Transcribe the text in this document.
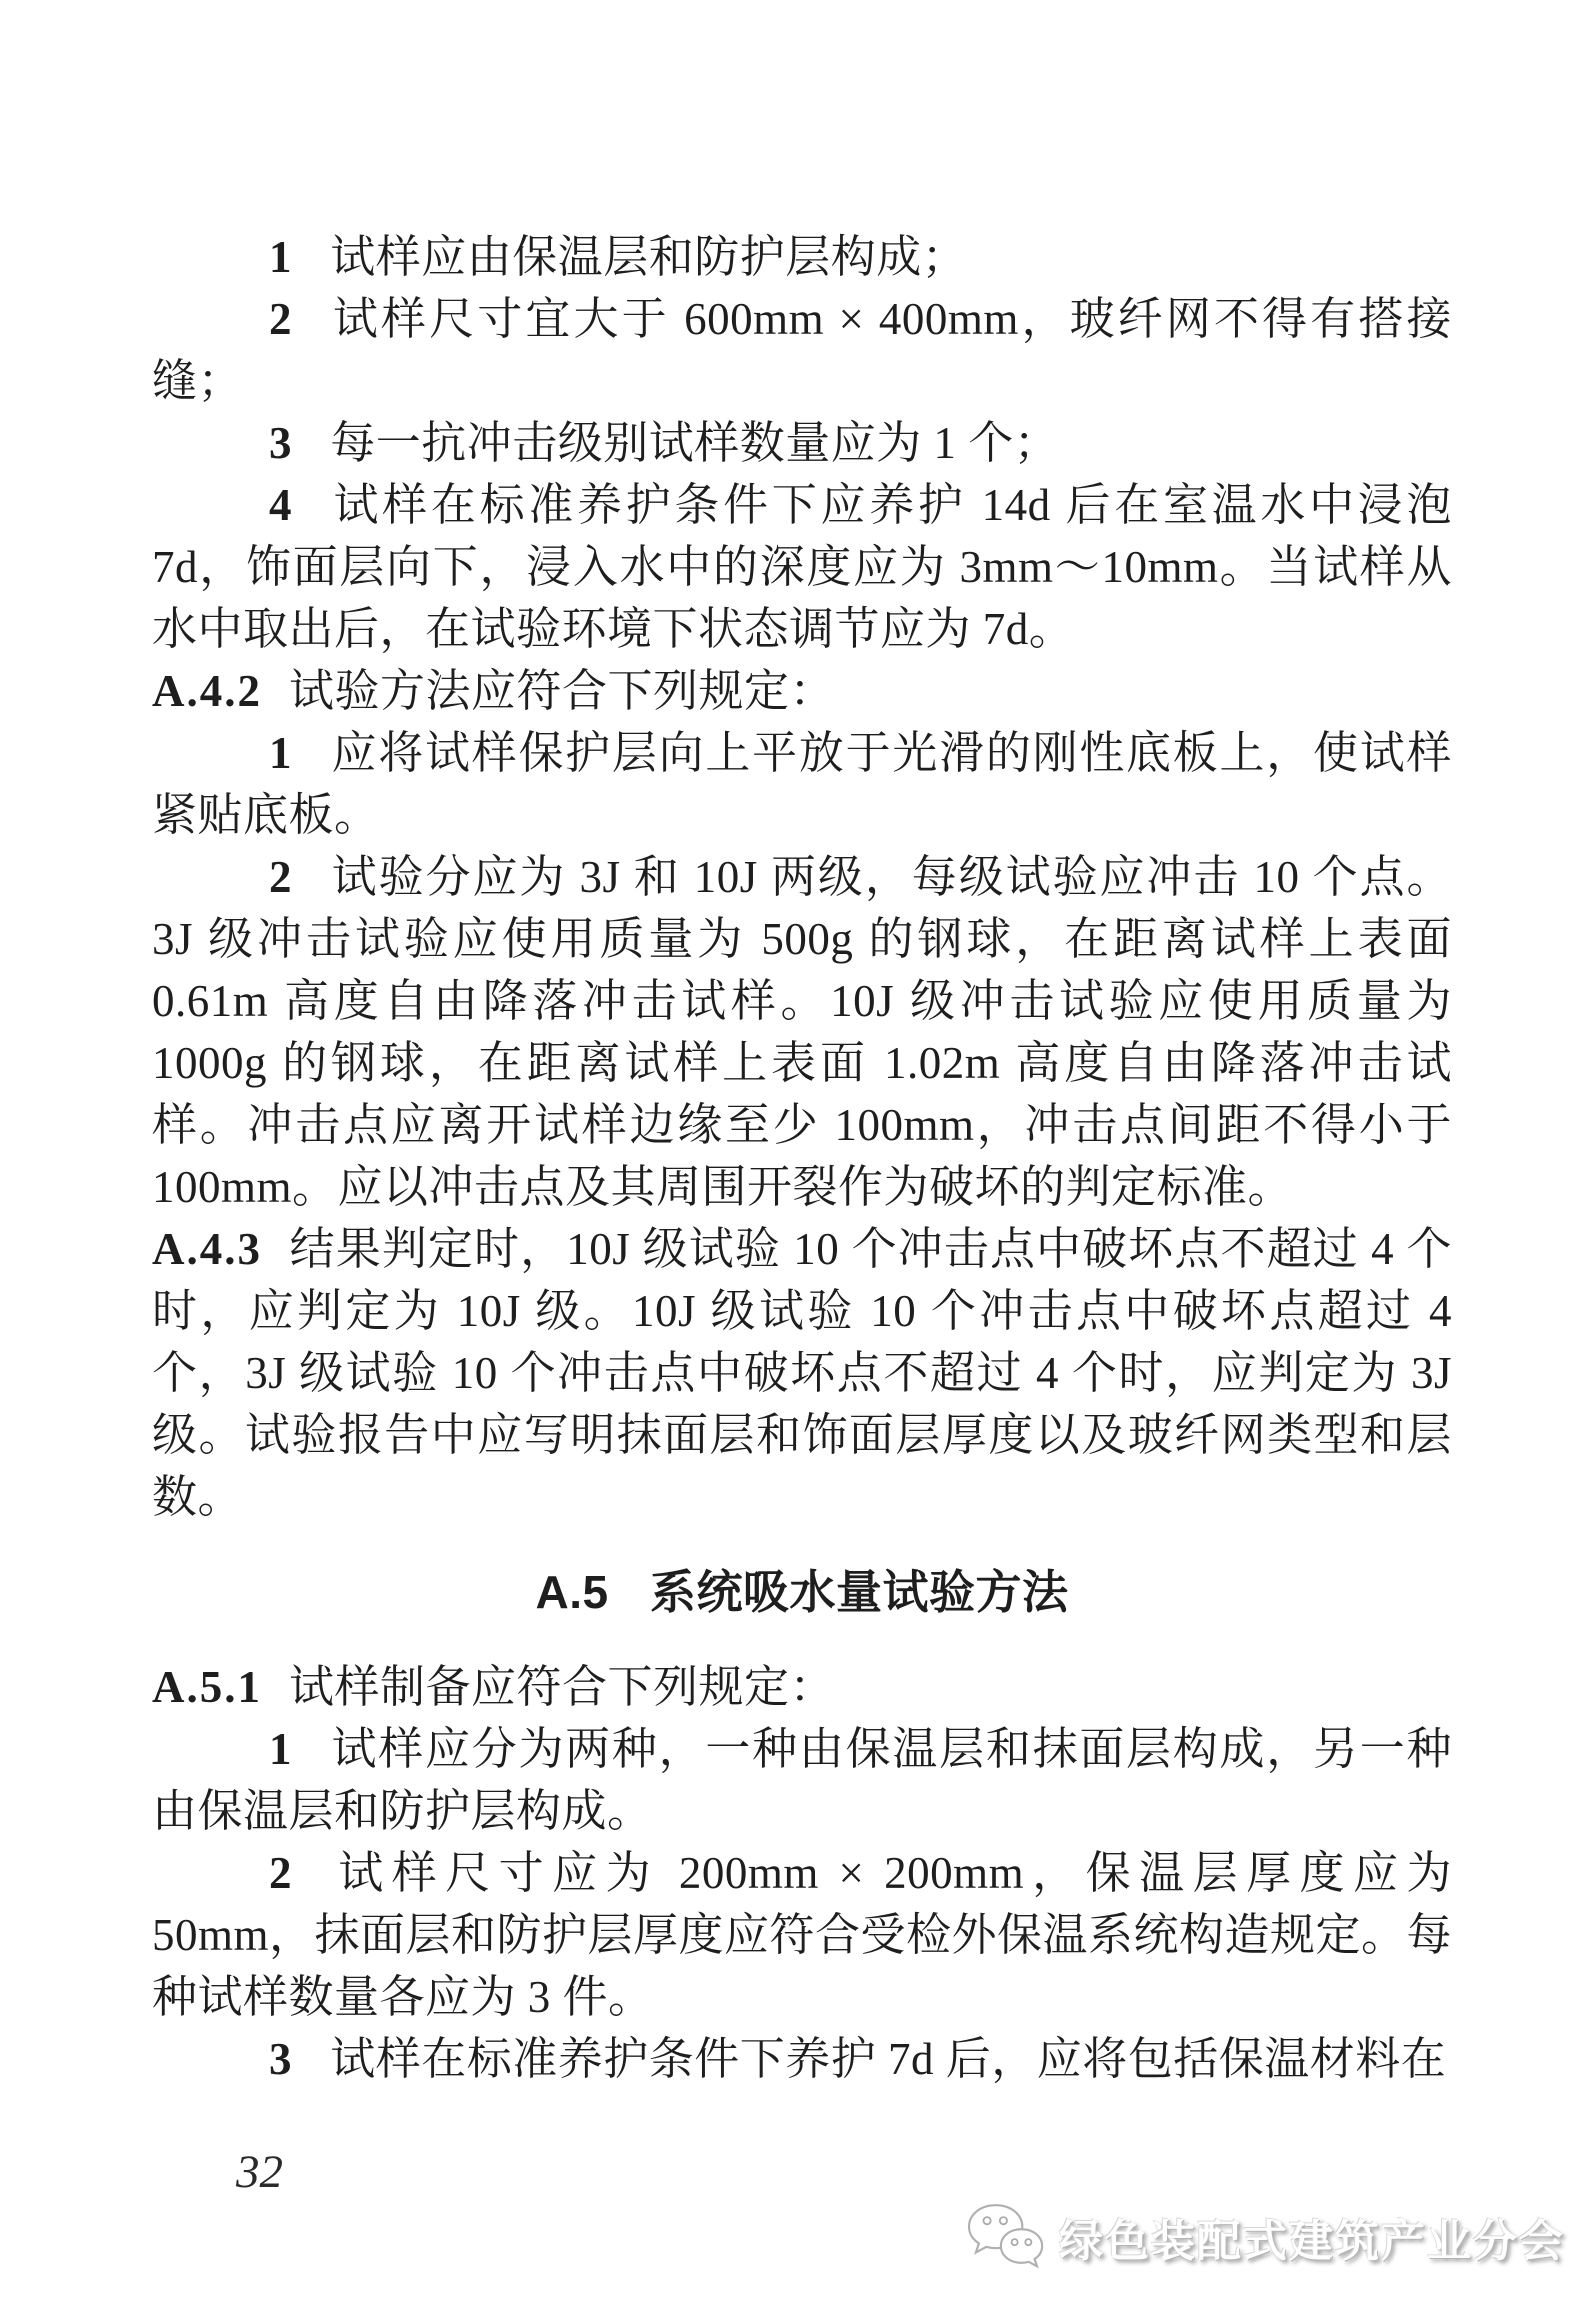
1 试样应由保温层和防护层构成；

2 试样尺寸宜大于 600mm × 400mm，玻纤网不得有搭接缝；

3 每一抗冲击级别试样数量应为 1 个；

4 试样在标准养护条件下应养护 14d 后在室温水中浸泡 7d，饰面层向下，浸入水中的深度应为 3mm～10mm。当试样从水中取出后，在试验环境下状态调节应为 7d。

A.4.2 试验方法应符合下列规定：

1 应将试样保护层向上平放于光滑的刚性底板上，使试样紧贴底板。

2 试验分应为 3J 和 10J 两级，每级试验应冲击 10 个点。3J 级冲击试验应使用质量为 500g 的钢球，在距离试样上表面 0.61m 高度自由降落冲击试样。10J 级冲击试验应使用质量为 1000g 的钢球，在距离试样上表面 1.02m 高度自由降落冲击试样。冲击点应离开试样边缘至少 100mm，冲击点间距不得小于 100mm。应以冲击点及其周围开裂作为破坏的判定标准。

A.4.3 结果判定时，10J 级试验 10 个冲击点中破坏点不超过 4 个时，应判定为 10J 级。10J 级试验 10 个冲击点中破坏点超过 4 个，3J 级试验 10 个冲击点中破坏点不超过 4 个时，应判定为 3J 级。试验报告中应写明抹面层和饰面层厚度以及玻纤网类型和层数。

A.5 系统吸水量试验方法

A.5.1 试样制备应符合下列规定：

1 试样应分为两种，一种由保温层和抹面层构成，另一种由保温层和防护层构成。

2 试样尺寸应为 200mm × 200mm，保温层厚度应为 50mm，抹面层和防护层厚度应符合受检外保温系统构造规定。每种试样数量各应为 3 件。

3 试样在标准养护条件下养护 7d 后，应将包括保温材料在

32
绿色装配式建筑产业分会
